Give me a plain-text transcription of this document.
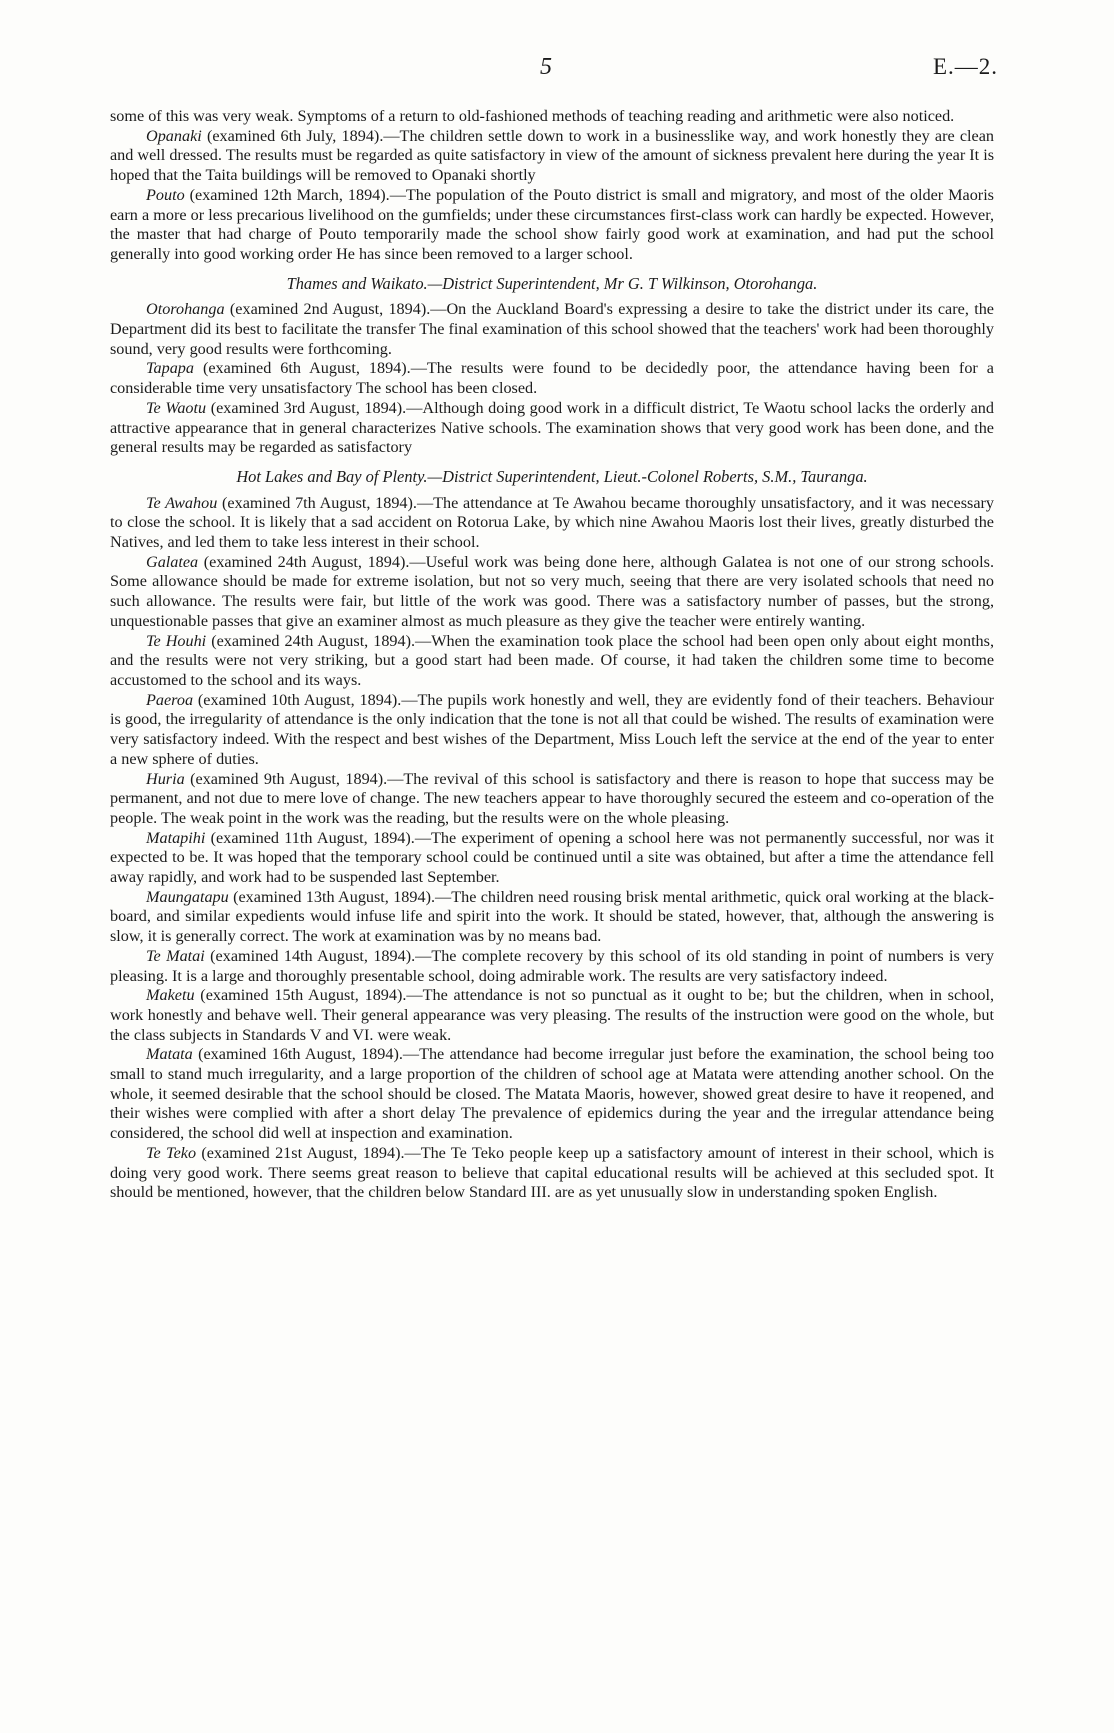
5	E.—2.

some of this was very weak. Symptoms of a return to old-fashioned methods of teaching reading and arithmetic were also noticed.

Opanaki (examined 6th July, 1894).—The children settle down to work in a businesslike way, and work honestly they are clean and well dressed. The results must be regarded as quite satisfactory in view of the amount of sickness prevalent here during the year It is hoped that the Taita buildings will be removed to Opanaki shortly

Pouto (examined 12th March, 1894).—The population of the Pouto district is small and migratory, and most of the older Maoris earn a more or less precarious livelihood on the gumfields; under these circumstances first-class work can hardly be expected. However, the master that had charge of Pouto temporarily made the school show fairly good work at examination, and had put the school generally into good working order He has since been removed to a larger school.

Thames and Waikato.—District Superintendent, Mr G. T Wilkinson, Otorohanga.

Otorohanga (examined 2nd August, 1894).—On the Auckland Board's expressing a desire to take the district under its care, the Department did its best to facilitate the transfer The final examination of this school showed that the teachers' work had been thoroughly sound, very good results were forthcoming.

Tapapa (examined 6th August, 1894).—The results were found to be decidedly poor, the attendance having been for a considerable time very unsatisfactory The school has been closed.

Te Waotu (examined 3rd August, 1894).—Although doing good work in a difficult district, Te Waotu school lacks the orderly and attractive appearance that in general characterizes Native schools. The examination shows that very good work has been done, and the general results may be regarded as satisfactory

Hot Lakes and Bay of Plenty.—District Superintendent, Lieut.-Colonel Roberts, S.M., Tauranga.

Te Awahou (examined 7th August, 1894).—The attendance at Te Awahou became thoroughly unsatisfactory, and it was necessary to close the school. It is likely that a sad accident on Rotorua Lake, by which nine Awahou Maoris lost their lives, greatly disturbed the Natives, and led them to take less interest in their school.

Galatea (examined 24th August, 1894).—Useful work was being done here, although Galatea is not one of our strong schools. Some allowance should be made for extreme isolation, but not so very much, seeing that there are very isolated schools that need no such allowance. The results were fair, but little of the work was good. There was a satisfactory number of passes, but the strong, unquestionable passes that give an examiner almost as much pleasure as they give the teacher were entirely wanting.

Te Houhi (examined 24th August, 1894).—When the examination took place the school had been open only about eight months, and the results were not very striking, but a good start had been made. Of course, it had taken the children some time to become accustomed to the school and its ways.

Paeroa (examined 10th August, 1894).—The pupils work honestly and well, they are evidently fond of their teachers. Behaviour is good, the irregularity of attendance is the only indication that the tone is not all that could be wished. The results of examination were very satisfactory indeed. With the respect and best wishes of the Department, Miss Louch left the service at the end of the year to enter a new sphere of duties.

Huria (examined 9th August, 1894).—The revival of this school is satisfactory and there is reason to hope that success may be permanent, and not due to mere love of change. The new teachers appear to have thoroughly secured the esteem and co-operation of the people. The weak point in the work was the reading, but the results were on the whole pleasing.

Matapihi (examined 11th August, 1894).—The experiment of opening a school here was not permanently successful, nor was it expected to be. It was hoped that the temporary school could be continued until a site was obtained, but after a time the attendance fell away rapidly, and work had to be suspended last September.

Maungatapu (examined 13th August, 1894).—The children need rousing brisk mental arithmetic, quick oral working at the black-board, and similar expedients would infuse life and spirit into the work. It should be stated, however, that, although the answering is slow, it is generally correct. The work at examination was by no means bad.

Te Matai (examined 14th August, 1894).—The complete recovery by this school of its old standing in point of numbers is very pleasing. It is a large and thoroughly presentable school, doing admirable work. The results are very satisfactory indeed.

Maketu (examined 15th August, 1894).—The attendance is not so punctual as it ought to be; but the children, when in school, work honestly and behave well. Their general appearance was very pleasing. The results of the instruction were good on the whole, but the class subjects in Standards V and VI. were weak.

Matata (examined 16th August, 1894).—The attendance had become irregular just before the examination, the school being too small to stand much irregularity, and a large proportion of the children of school age at Matata were attending another school. On the whole, it seemed desirable that the school should be closed. The Matata Maoris, however, showed great desire to have it reopened, and their wishes were complied with after a short delay The prevalence of epidemics during the year and the irregular attendance being considered, the school did well at inspection and examination.

Te Teko (examined 21st August, 1894).—The Te Teko people keep up a satisfactory amount of interest in their school, which is doing very good work. There seems great reason to believe that capital educational results will be achieved at this secluded spot. It should be mentioned, however, that the children below Standard III. are as yet unusually slow in understanding spoken English.
